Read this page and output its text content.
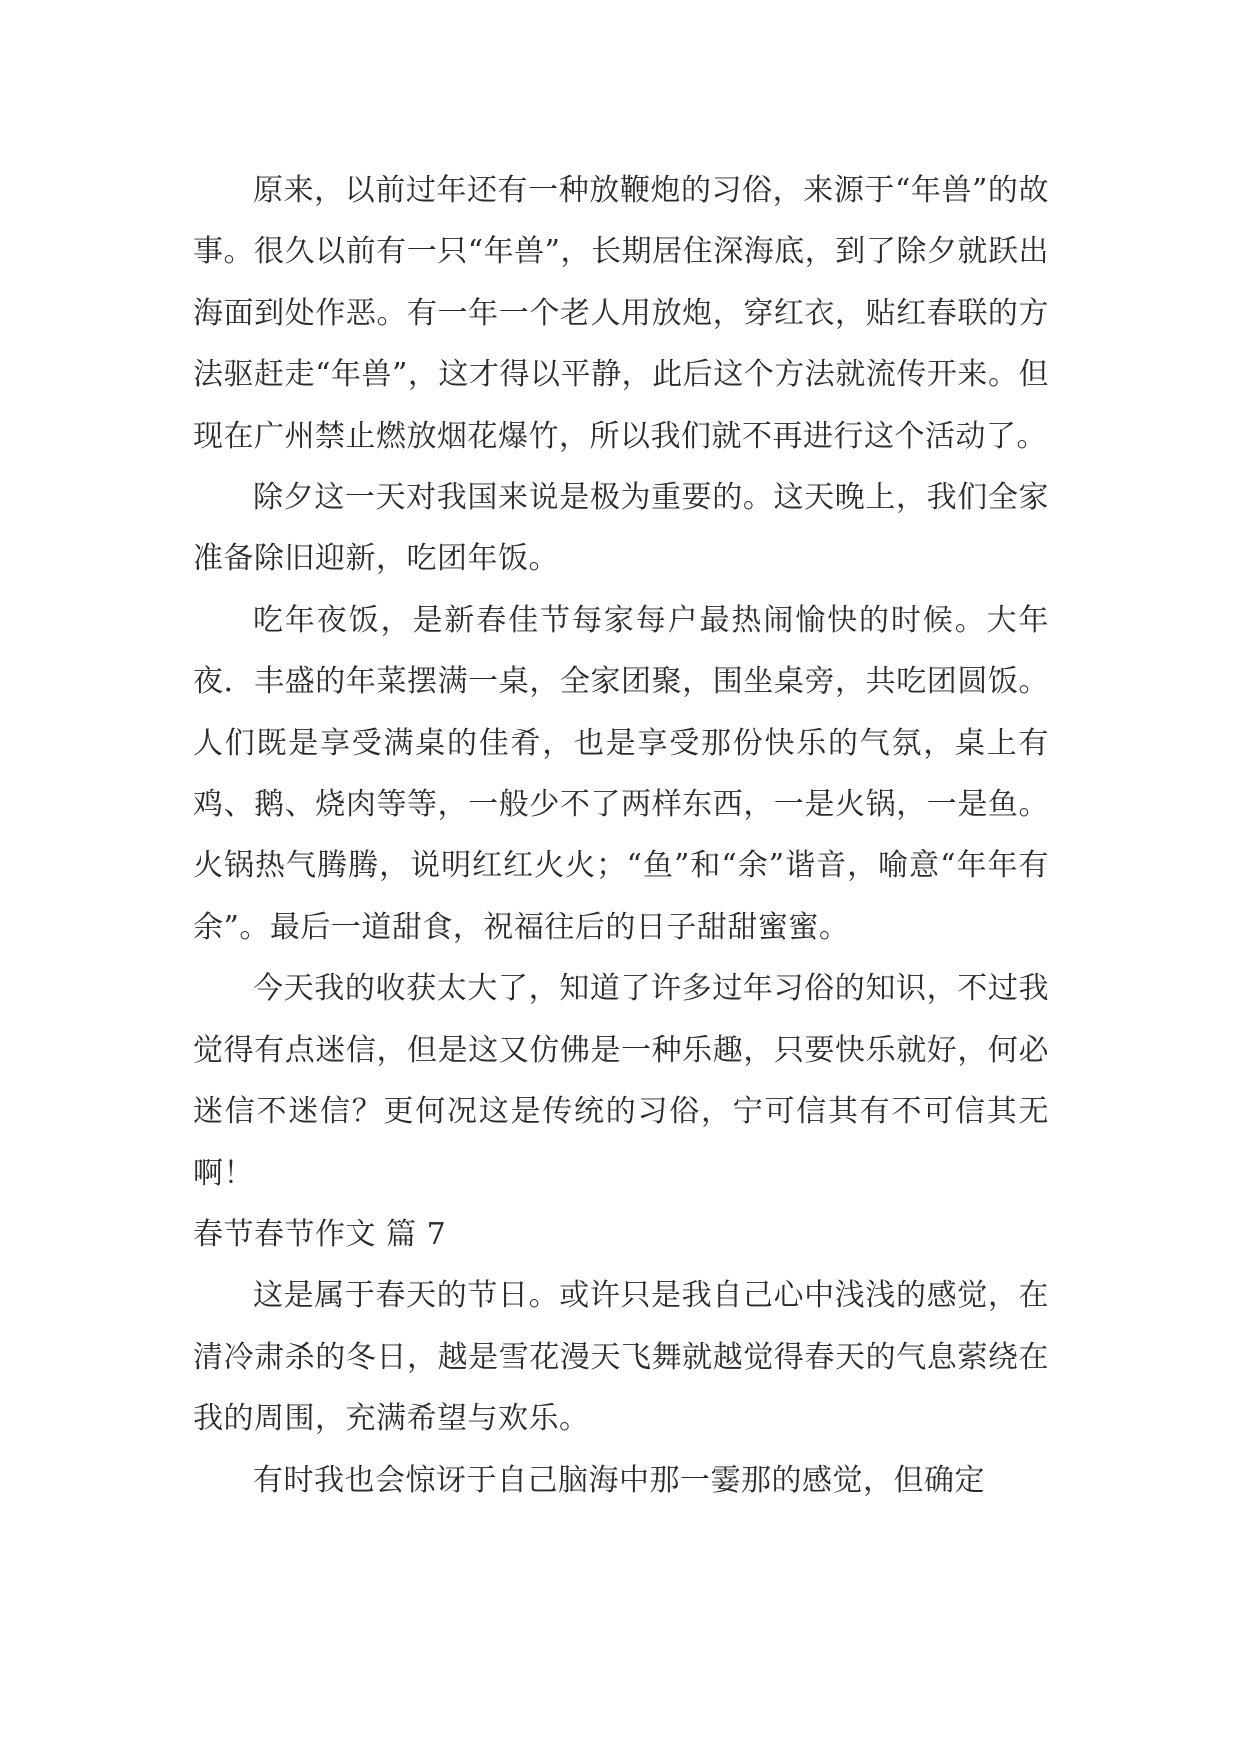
原来，以前过年还有一种放鞭炮的习俗，来源于“年兽”的故事。很久以前有一只“年兽”，长期居住深海底，到了除夕就跃出海面到处作恶。有一年一个老人用放炮，穿红衣，贴红春联的方法驱赶走“年兽”，这才得以平静，此后这个方法就流传开来。但现在广州禁止燃放烟花爆竹，所以我们就不再进行这个活动了。

除夕这一天对我国来说是极为重要的。这天晚上，我们全家准备除旧迎新，吃团年饭。

吃年夜饭，是新春佳节每家每户最热闹愉快的时候。大年夜．丰盛的年菜摆满一桌，全家团聚，围坐桌旁，共吃团圆饭。人们既是享受满桌的佳肴，也是享受那份快乐的气氛，桌上有鸡、鹅、烧肉等等，一般少不了两样东西，一是火锅，一是鱼。火锅热气腾腾，说明红红火火；“鱼”和“余”谐音，喻意“年年有余”。最后一道甜食，祝福往后的日子甜甜蜜蜜。

今天我的收获太大了，知道了许多过年习俗的知识，不过我觉得有点迷信，但是这又仿佛是一种乐趣，只要快乐就好，何必迷信不迷信？更何况这是传统的习俗，宁可信其有不可信其无啊！

春节春节作文 篇 7

这是属于春天的节日。或许只是我自己心中浅浅的感觉，在清冷肃杀的冬日，越是雪花漫天飞舞就越觉得春天的气息萦绕在我的周围，充满希望与欢乐。

有时我也会惊讶于自己脑海中那一霎那的感觉，但确定
